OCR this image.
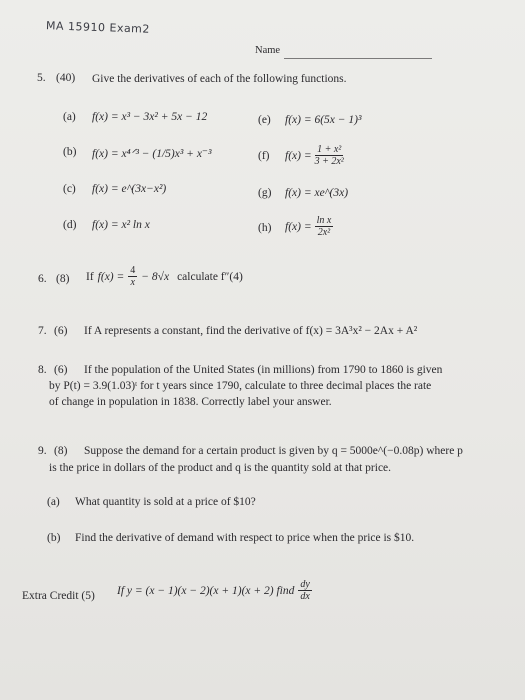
MA 15910 Exam2
Name
5. (40) Give the derivatives of each of the following functions.
(a) f(x) = x³ − 3x² + 5x − 12	(e) f(x) = 6(5x − 1)³
(b) f(x) = x⁴ᐟ³ − (1/5)x³ + x⁻³	(f) $f(x) = \frac{\text{1 + x²}}{\text{3 + 2x²}}$
(c) f(x) = e^(3x−x²)	(g) f(x) = xe^(3x)
(d) f(x) = x² ln x	(h) $f(x) = \frac{\text{ln x}}{\text{2x²}}$
6. (8) If $f(x) = \frac{4}{x} - 8√x$ calculate f″(4)
7. (6) If A represents a constant, find the derivative of f(x) = 3A³x² − 2Ax + A²
8. (6) If the population of the United States (in millions) from 1790 to 1860 is given
by P(t) = 3.9(1.03)ᵗ for t years since 1790, calculate to three decimal places the rate
of change in population in 1838. Correctly label your answer.
9. (8) Suppose the demand for a certain product is given by q = 5000e^(−0.08p) where p
is the price in dollars of the product and q is the quantity sold at that price.
(a) What quantity is sold at a price of $10?
(b) Find the derivative of demand with respect to price when the price is $10.
Extra Credit (5) If y = (x − 1)(x − 2)(x + 1)(x + 2) find $\frac{dy}{dx}$
